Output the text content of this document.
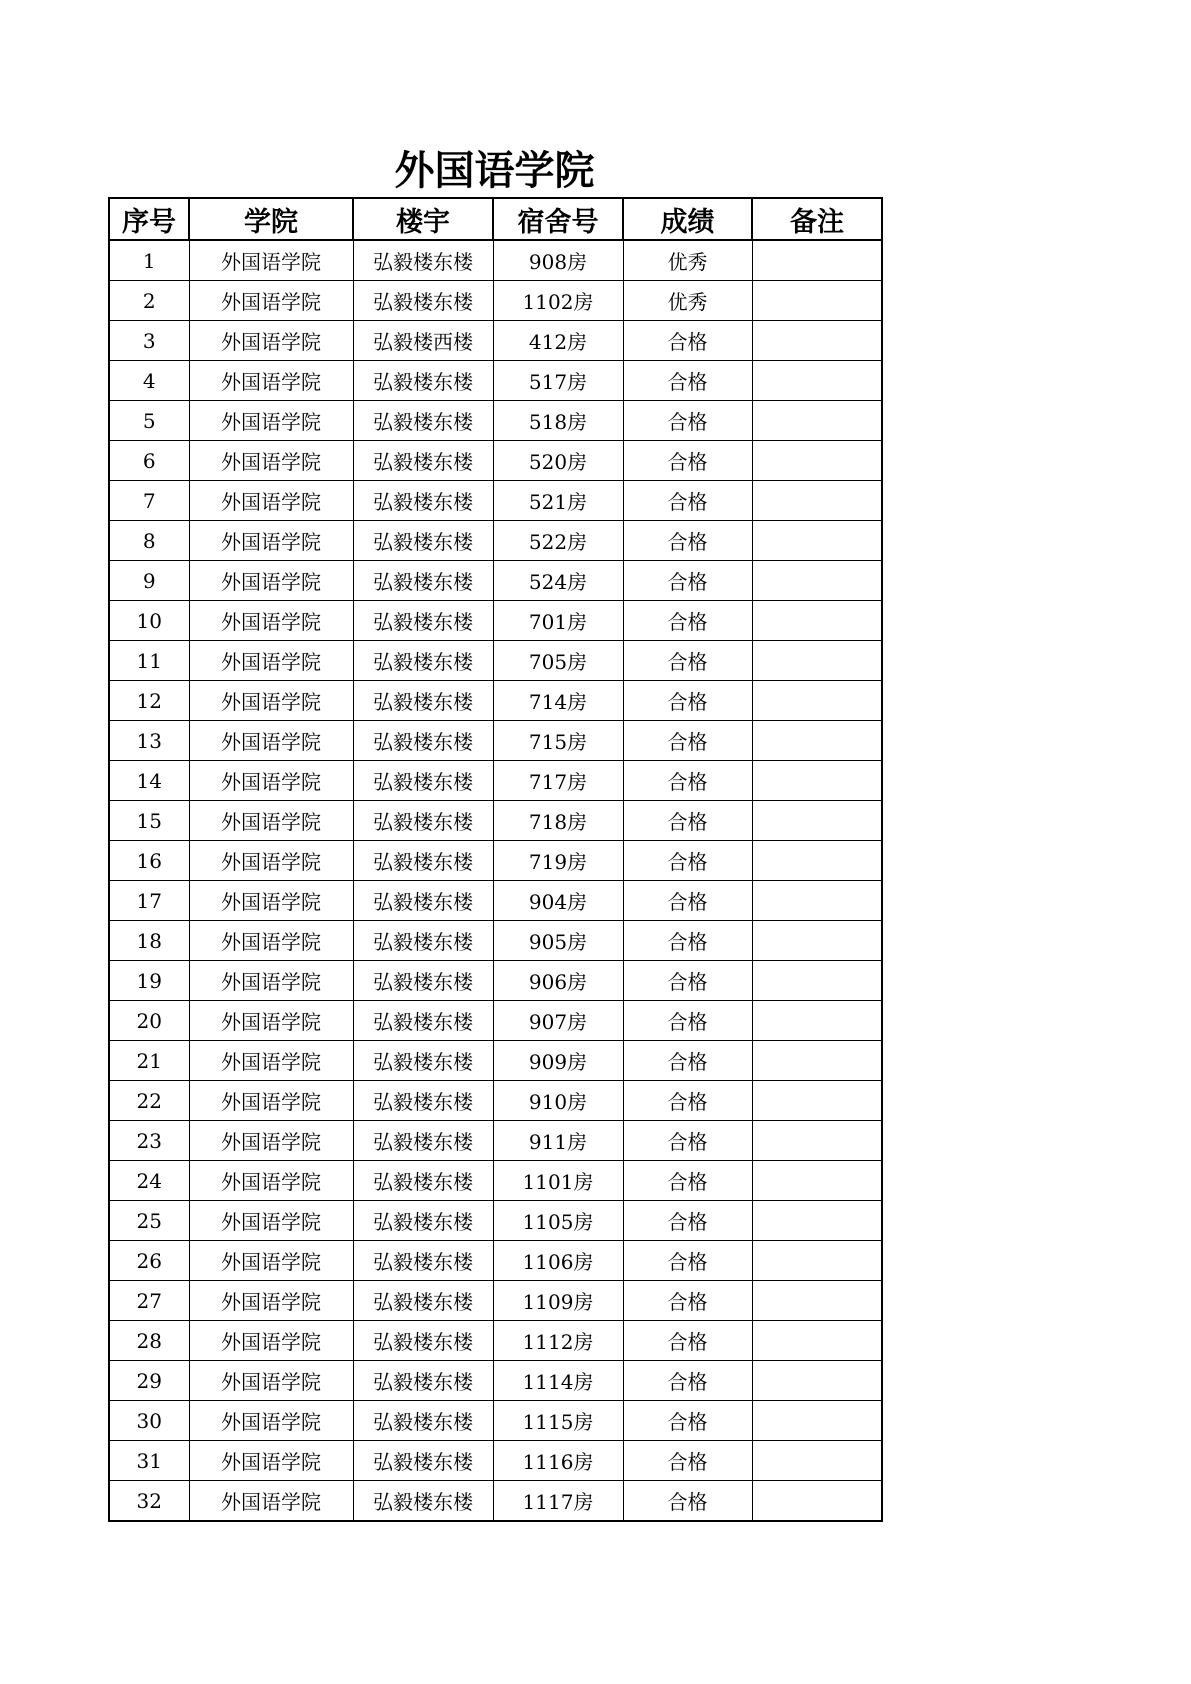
外国语学院
序号	学院	楼宇	宿舍号	成绩	备注
1	外国语学院	弘毅楼东楼	908房	优秀	
2	外国语学院	弘毅楼东楼	1102房	优秀	
3	外国语学院	弘毅楼西楼	412房	合格	
4	外国语学院	弘毅楼东楼	517房	合格	
5	外国语学院	弘毅楼东楼	518房	合格	
6	外国语学院	弘毅楼东楼	520房	合格	
7	外国语学院	弘毅楼东楼	521房	合格	
8	外国语学院	弘毅楼东楼	522房	合格	
9	外国语学院	弘毅楼东楼	524房	合格	
10	外国语学院	弘毅楼东楼	701房	合格	
11	外国语学院	弘毅楼东楼	705房	合格	
12	外国语学院	弘毅楼东楼	714房	合格	
13	外国语学院	弘毅楼东楼	715房	合格	
14	外国语学院	弘毅楼东楼	717房	合格	
15	外国语学院	弘毅楼东楼	718房	合格	
16	外国语学院	弘毅楼东楼	719房	合格	
17	外国语学院	弘毅楼东楼	904房	合格	
18	外国语学院	弘毅楼东楼	905房	合格	
19	外国语学院	弘毅楼东楼	906房	合格	
20	外国语学院	弘毅楼东楼	907房	合格	
21	外国语学院	弘毅楼东楼	909房	合格	
22	外国语学院	弘毅楼东楼	910房	合格	
23	外国语学院	弘毅楼东楼	911房	合格	
24	外国语学院	弘毅楼东楼	1101房	合格	
25	外国语学院	弘毅楼东楼	1105房	合格	
26	外国语学院	弘毅楼东楼	1106房	合格	
27	外国语学院	弘毅楼东楼	1109房	合格	
28	外国语学院	弘毅楼东楼	1112房	合格	
29	外国语学院	弘毅楼东楼	1114房	合格	
30	外国语学院	弘毅楼东楼	1115房	合格	
31	外国语学院	弘毅楼东楼	1116房	合格	
32	外国语学院	弘毅楼东楼	1117房	合格	
